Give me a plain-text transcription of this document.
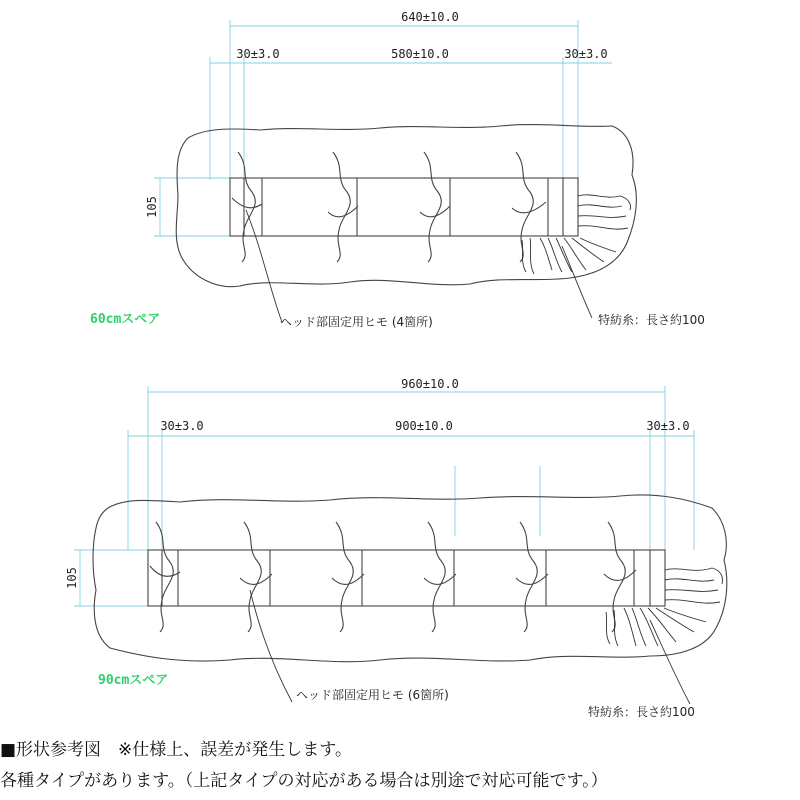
640±10.0
30±3.0	580±10.0	30±3.0
105
ヘッド部固定用ヒモ (4箇所)	特紡糸：長さ約100
60cmスペア
960±10.0
30±3.0	900±10.0	30±3.0
105
ヘッド部固定用ヒモ (6箇所)
特紡糸：長さ約100
90cmスペア
■形状参考図　※仕様上、誤差が発生します。
各種タイプがあります。（上記タイプの対応がある場合は別途で対応可能です。）
